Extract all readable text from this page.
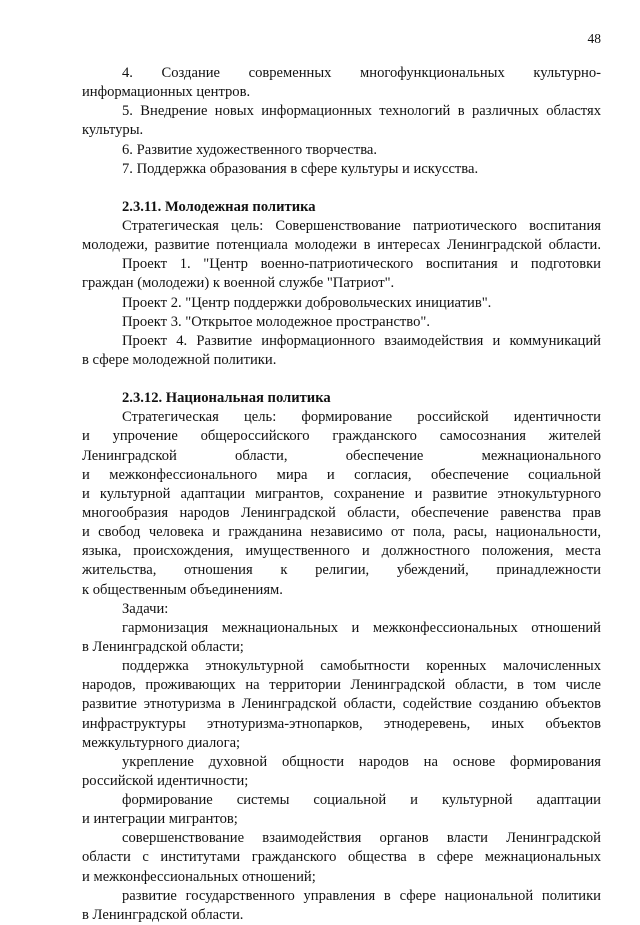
48
4. Создание современных многофункциональных культурно-
информационных центров.
5. Внедрение новых информационных технологий в различных областях
культуры.
6. Развитие художественного творчества.
7. Поддержка образования в сфере культуры и искусства.
2.3.11. Молодежная политика
Стратегическая цель: Совершенствование патриотического воспитания
молодежи, развитие потенциала молодежи в интересах Ленинградской области.
Проект 1. "Центр военно-патриотического воспитания и подготовки
граждан (молодежи) к военной службе "Патриот".
Проект 2. "Центр поддержки добровольческих инициатив".
Проект 3. "Открытое молодежное пространство".
Проект 4. Развитие информационного взаимодействия и коммуникаций
в сфере молодежной политики.
2.3.12. Национальная политика
Стратегическая цель: формирование российской идентичности
и упрочение общероссийского гражданского самосознания жителей
Ленинградской области, обеспечение межнационального
и межконфессионального мира и согласия, обеспечение социальной
и культурной адаптации мигрантов, сохранение и развитие этнокультурного
многообразия народов Ленинградской области, обеспечение равенства прав
и свобод человека и гражданина независимо от пола, расы, национальности,
языка, происхождения, имущественного и должностного положения, места
жительства, отношения к религии, убеждений, принадлежности
к общественным объединениям.
Задачи:
гармонизация межнациональных и межконфессиональных отношений
в Ленинградской области;
поддержка этнокультурной самобытности коренных малочисленных
народов, проживающих на территории Ленинградской области, в том числе
развитие этнотуризма в Ленинградской области, содействие созданию объектов
инфраструктуры этнотуризма-этнопарков, этнодеревень, иных объектов
межкультурного диалога;
укрепление духовной общности народов на основе формирования
российской идентичности;
формирование системы социальной и культурной адаптации
и интеграции мигрантов;
совершенствование взаимодействия органов власти Ленинградской
области с институтами гражданского общества в сфере межнациональных
и межконфессиональных отношений;
развитие государственного управления в сфере национальной политики
в Ленинградской области.
